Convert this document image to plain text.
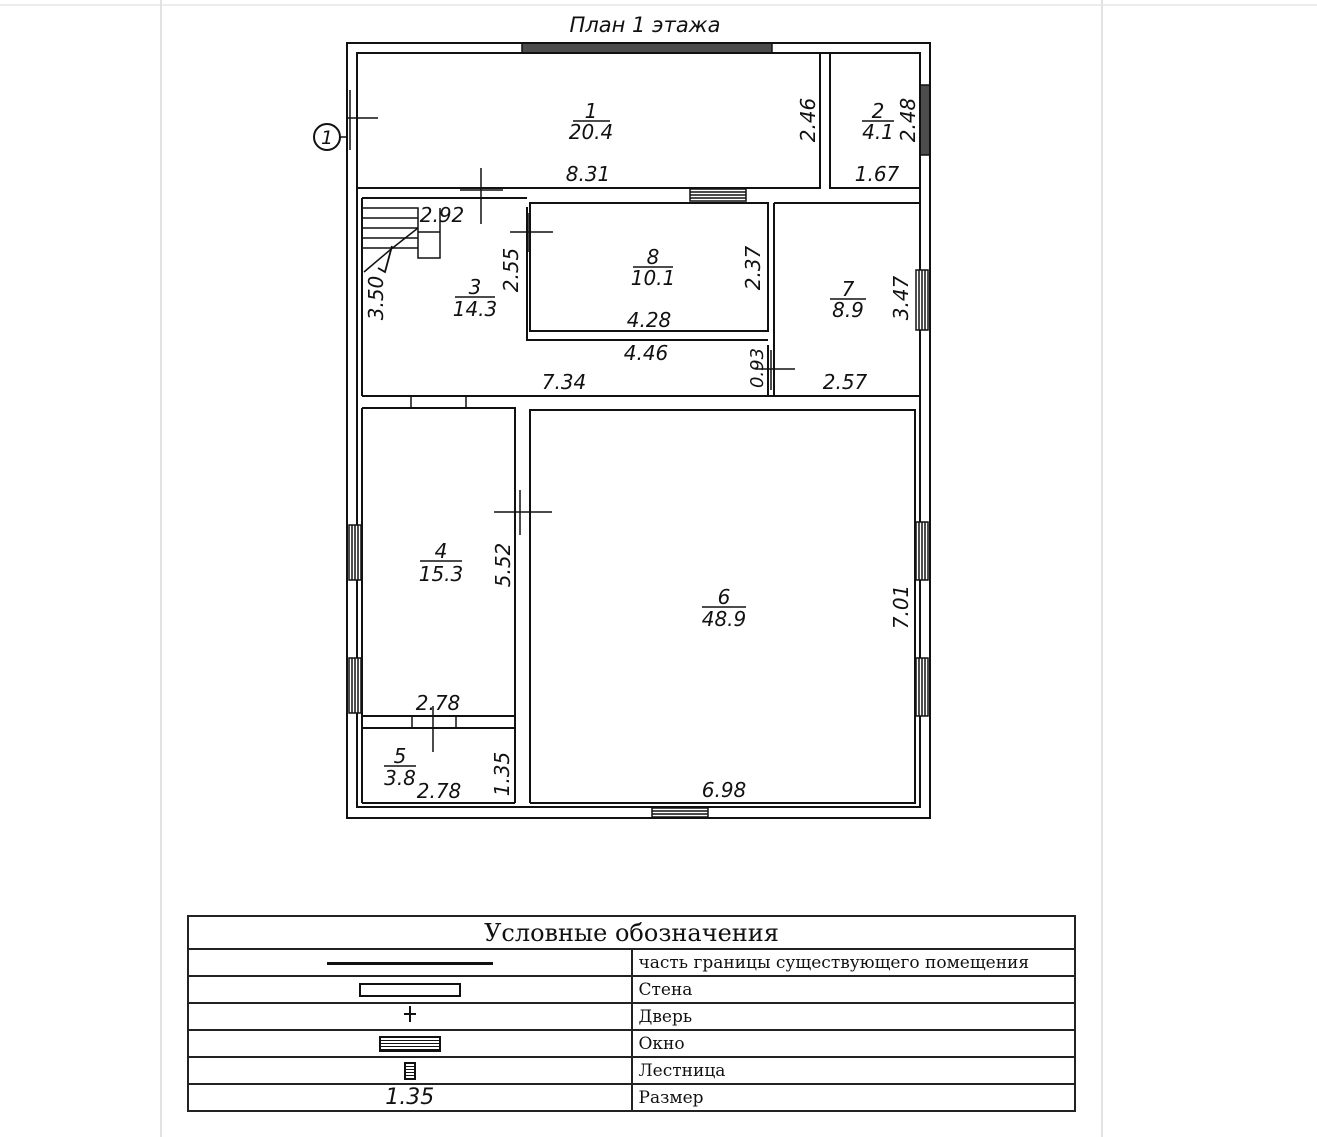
План 1 этажа
1
1
20.4
2
4.1
3
14.3
4
15.3
5
3.8
6
48.9
7
8.9
8
10.1
8.31
2.46
1.67
2.48
2.92
2.55
3.50	4.28
2.37
4.46	0.93
7.34
3.47
2.57
5.52
2.78
2.78 1.35	6.98
7.01
Условные обозначения	
	часть границы существующего помещения
	Стена
	Дверь
	Окно
	Лестница
1.35	Размер
